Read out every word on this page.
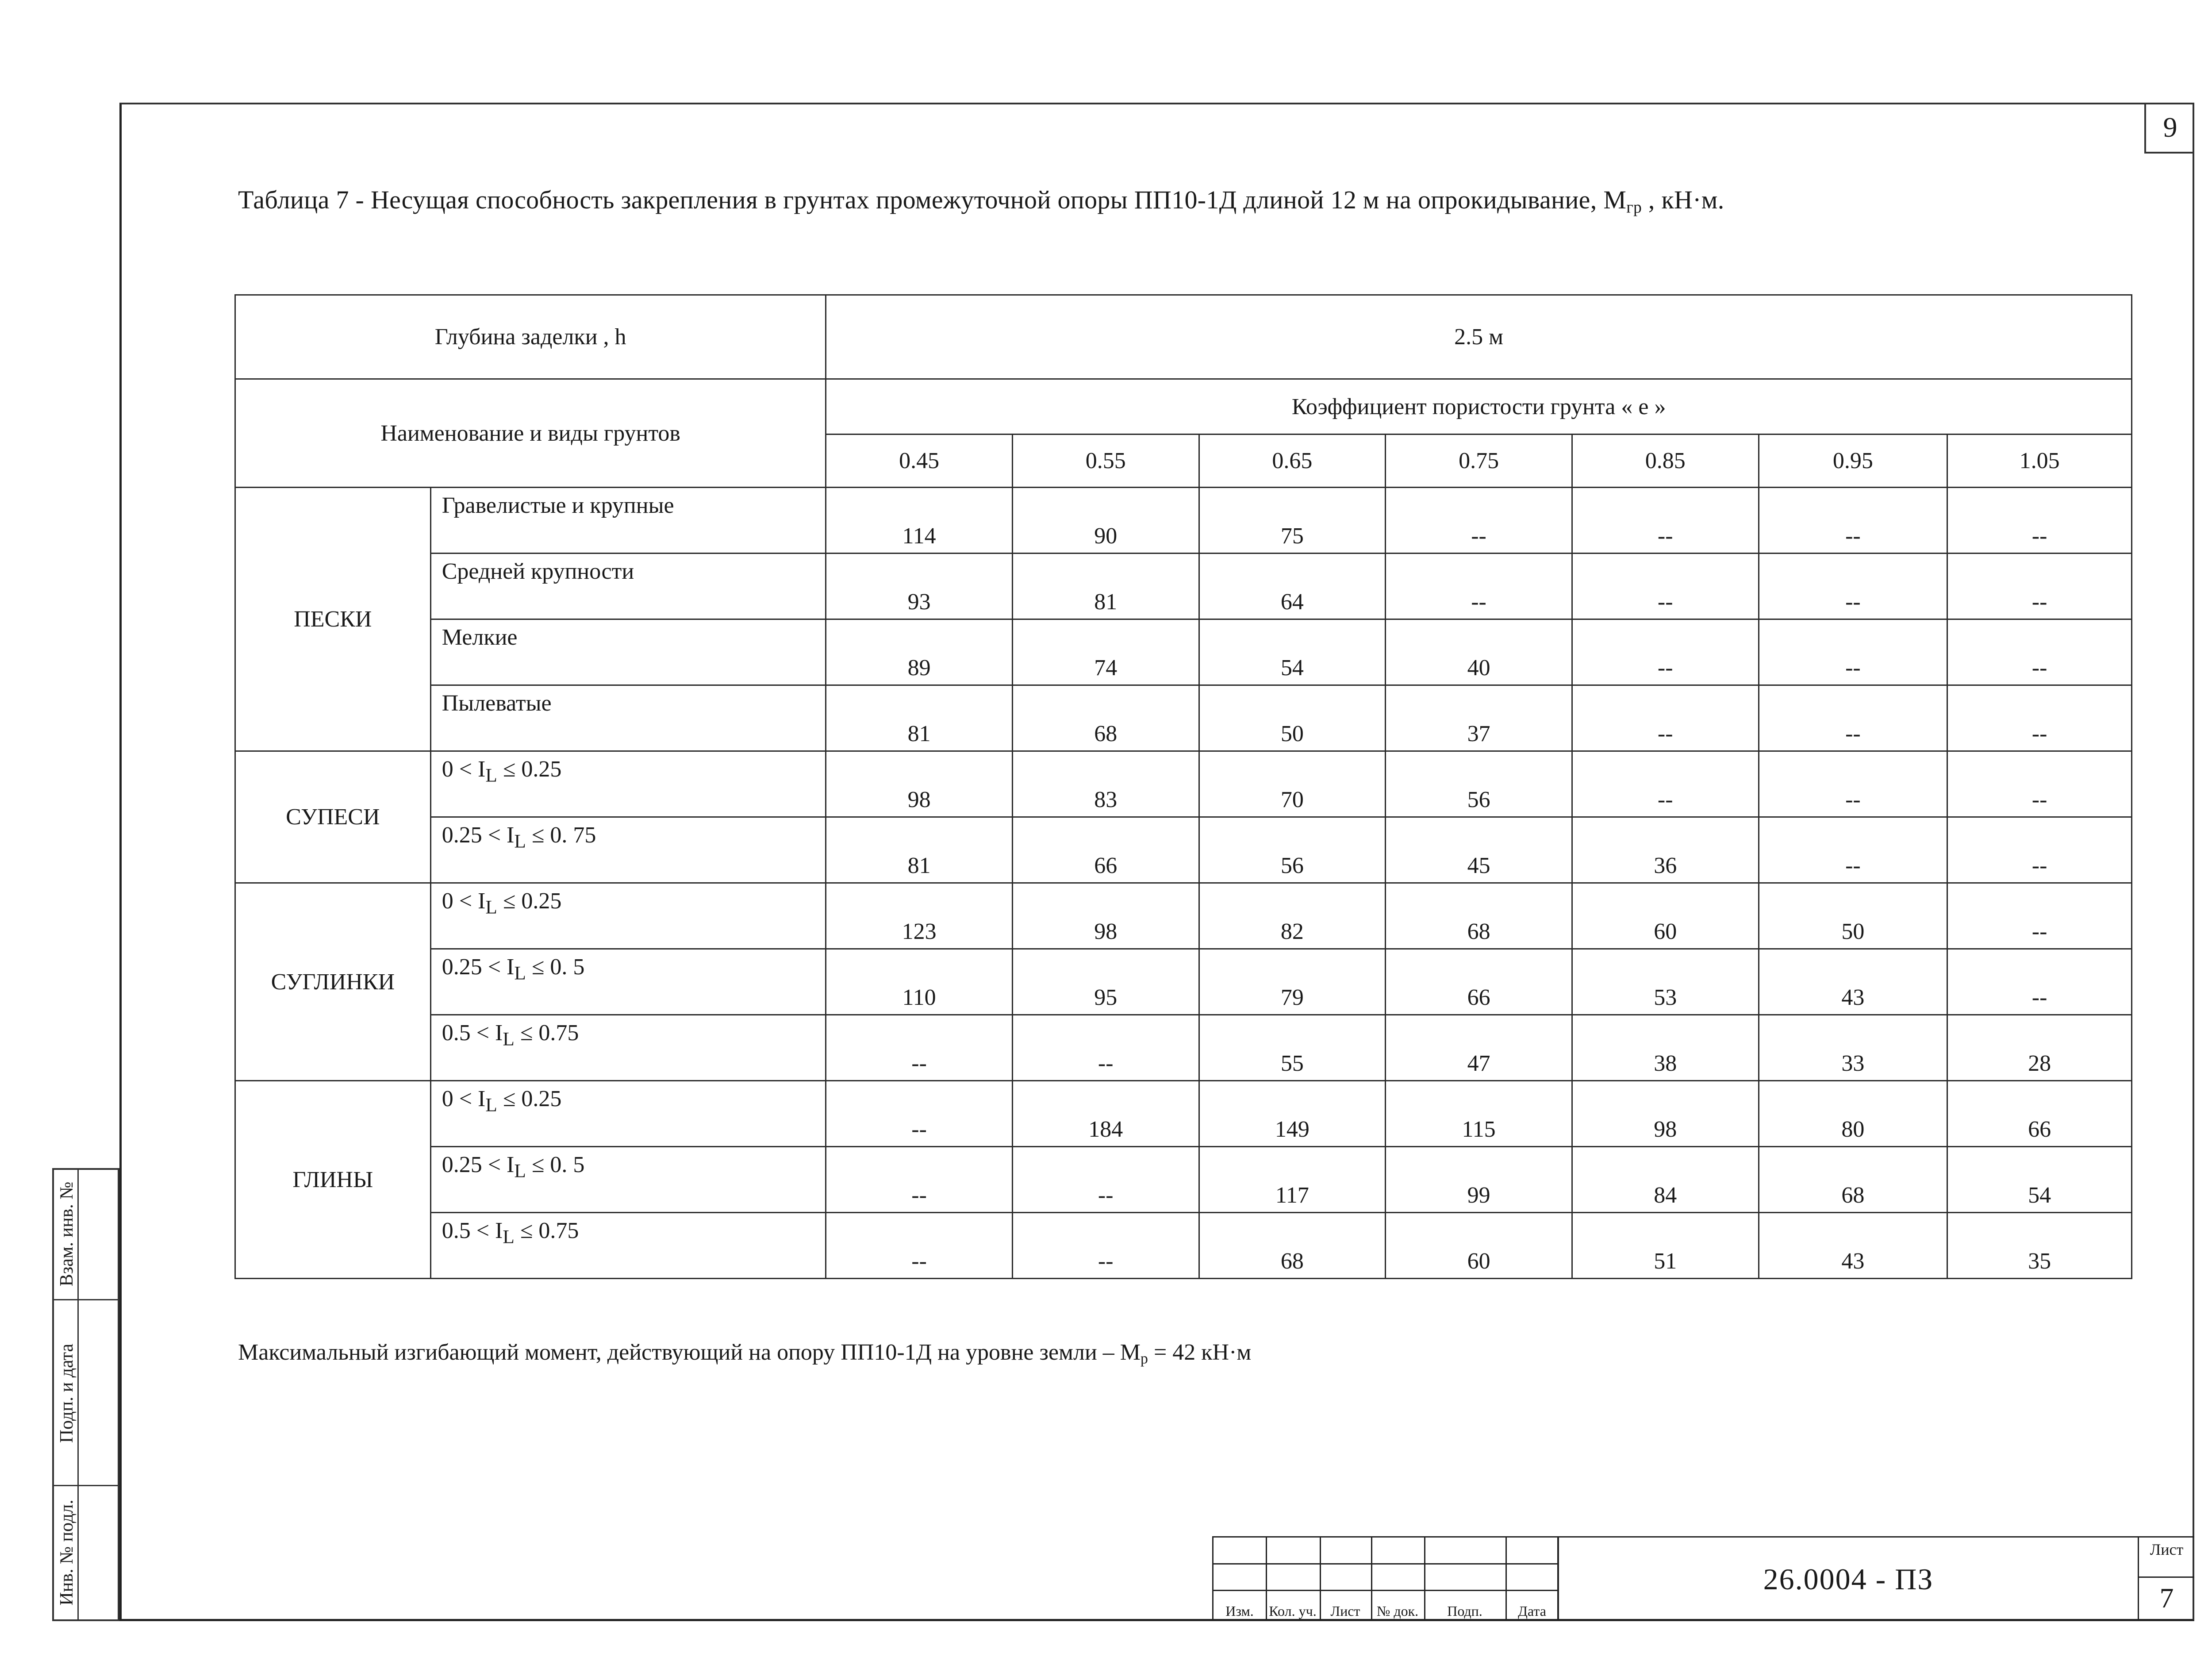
9
Таблица 7 - Несущая способность закрепления в грунтах промежуточной опоры ПП10-1Д длиной 12 м на опрокидывание, $М_{гр}$ , кН·м.
Глубина заделки , h		2.5 м						
Наименование и виды грунтов		Коэффициент пористости грунта « е »						
		0.45	0.55	0.65	0.75	0.85	0.95	1.05
ПЕСКИ	Гравелистые и крупные	114	90	75	--	--	--	--
	Средней крупности	93	81	64	--	--	--	--
	Мелкие	89	74	54	40	--	--	--
	Пылеватые	81	68	50	37	--	--	--
СУПЕСИ	$0 < I_L \le 0.25$	98	83	70	56	--	--	--
	$0.25 < I_L \le 0$. 75	81	66	56	45	36	--	--
СУГЛИНКИ	$0 < I_L \le 0.25$	123	98	82	68	60	50	--
	$0.25 < I_L \le 0$. 5	110	95	79	66	53	43	--
	$0.5 < I_L \le 0.75$	--	--	55	47	38	33	28
ГЛИНЫ	$0 < I_L \le 0.25$	--	184	149	115	98	80	66
	$0.25 < I_L \le 0$. 5	--	--	117	99	84	68	54
	$0.5 < I_L \le 0.75$	--	--	68	60	51	43	35
Максимальный изгибающий момент, действующий на опору ПП10-1Д на уровне земли – $М_р = 42$ кН·м
Взам. инв. №
Подп. и дата
Инв. № подл.
Изм.	Кол. уч. Лист	№ док.	Подп.	Дата
26.0004 - ПЗ
Лист
7
